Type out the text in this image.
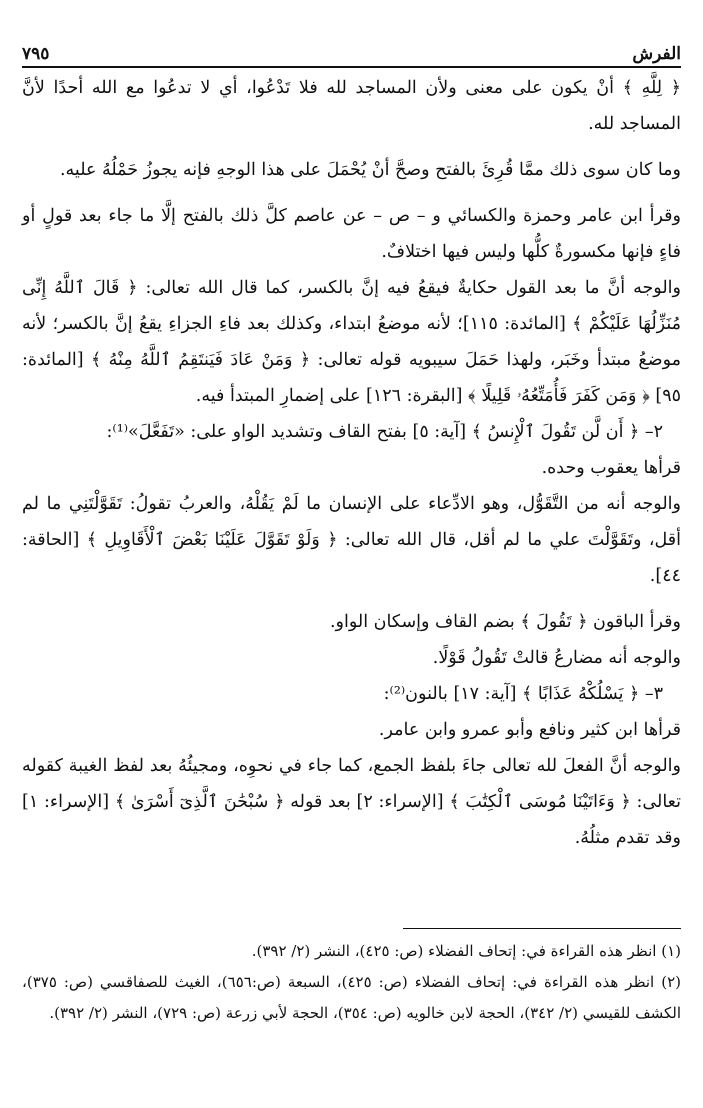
الفرش
٧٩٥

﴿ لِلَّهِ ﴾ أنْ يكون على معنى ولأن المساجد لله فلا تَدْعُوا، أي لا تدعُوا مع الله أحدًا لأنَّ المساجد لله.

وما كان سوى ذلك ممَّا قُرِئَ بالفتح وصحَّ أنْ يُحْمَلَ على هذا الوجهِ فإنه يجوزُ حَمْلُهُ عليه.

وقرأ ابن عامر وحمزة والكسائي و – ص – عن عاصم كلَّ ذلك بالفتح إلَّا ما جاء بعد قولٍ أو فاءٍ فإنها مكسورةٌ كلُّها وليس فيها اختلافٌ.

والوجه أنَّ ما بعد القول حكايةٌ فيقعُ فيه إنَّ بالكسر، كما قال الله تعالى: ﴿ قَالَ ٱللَّهُ إِنِّى مُنَزِّلُهَا عَلَيْكُمْ ﴾ [المائدة: ١١٥]؛ لأنه موضعُ ابتداء، وكذلك بعد فاءِ الجزاءِ يقعُ إنَّ بالكسر؛ لأنه موضعُ مبتدأ وخَبَر، ولهذا حَمَلَ سيبويه قوله تعالى: ﴿ وَمَنْ عَادَ فَيَنتَقِمُ ٱللَّهُ مِنْهُ ﴾ [المائدة: ٩٥] ﴿ وَمَن كَفَرَ فَأُمَتِّعُهُۥ قَلِيلًا ﴾ [البقرة: ١٢٦] على إضمارِ المبتدأ فيه.

٢– ﴿ أَن لَّن تَقُولَ ٱلْإِنسُ ﴾ [آية: ٥] بفتح القاف وتشديد الواو على: «تَفَعَّلَ»⁽¹⁾:

قرأها يعقوب وحده.

والوجه أنه من التَّقَوُّل، وهو الادِّعاء على الإنسان ما لَمْ يَقُلْهُ، والعربُ تقولُ: تَقَوَّلْتَنِي ما لم أقل، وتَقَوَّلْتَ علي ما لم أقل، قال الله تعالى: ﴿ وَلَوْ تَقَوَّلَ عَلَيْنَا بَعْضَ ٱلْأَقَاوِيلِ ﴾ [الحاقة: ٤٤].

وقرأ الباقون ﴿ تَقُولَ ﴾ بضم القاف وإسكان الواو.

والوجه أنه مضارعُ قالتْ تَقُولُ قَوْلًا.

٣– ﴿ يَسْلُكْهُ عَذَابًا ﴾ [آية: ١٧] بالنون⁽²⁾:

قرأها ابن كثير ونافع وأبو عمرو وابن عامر.

والوجه أنَّ الفعلَ لله تعالى جاءَ بلفظ الجمع، كما جاء في نحوِه، ومجيئُهُ بعد لفظ الغيبة كقوله تعالى: ﴿ وَءَاتَيْنَا مُوسَى ٱلْكِتَٰبَ ﴾ [الإسراء: ٢] بعد قوله ﴿ سُبْحَٰنَ ٱلَّذِىٓ أَسْرَىٰ ﴾ [الإسراء: ١] وقد تقدم مثلُهُ.

(١) انظر هذه القراءة في: إتحاف الفضلاء (ص: ٤٢٥)، النشر (٢/ ٣٩٢).

(٢) انظر هذه القراءة في: إتحاف الفضلاء (ص: ٤٢٥)، السبعة (ص:٦٥٦)، الغيث للصفاقسي (ص: ٣٧٥)، الكشف للقيسي (٢/ ٣٤٢)، الحجة لابن خالويه (ص: ٣٥٤)، الحجة لأبي زرعة (ص: ٧٢٩)، النشر (٢/ ٣٩٢).
